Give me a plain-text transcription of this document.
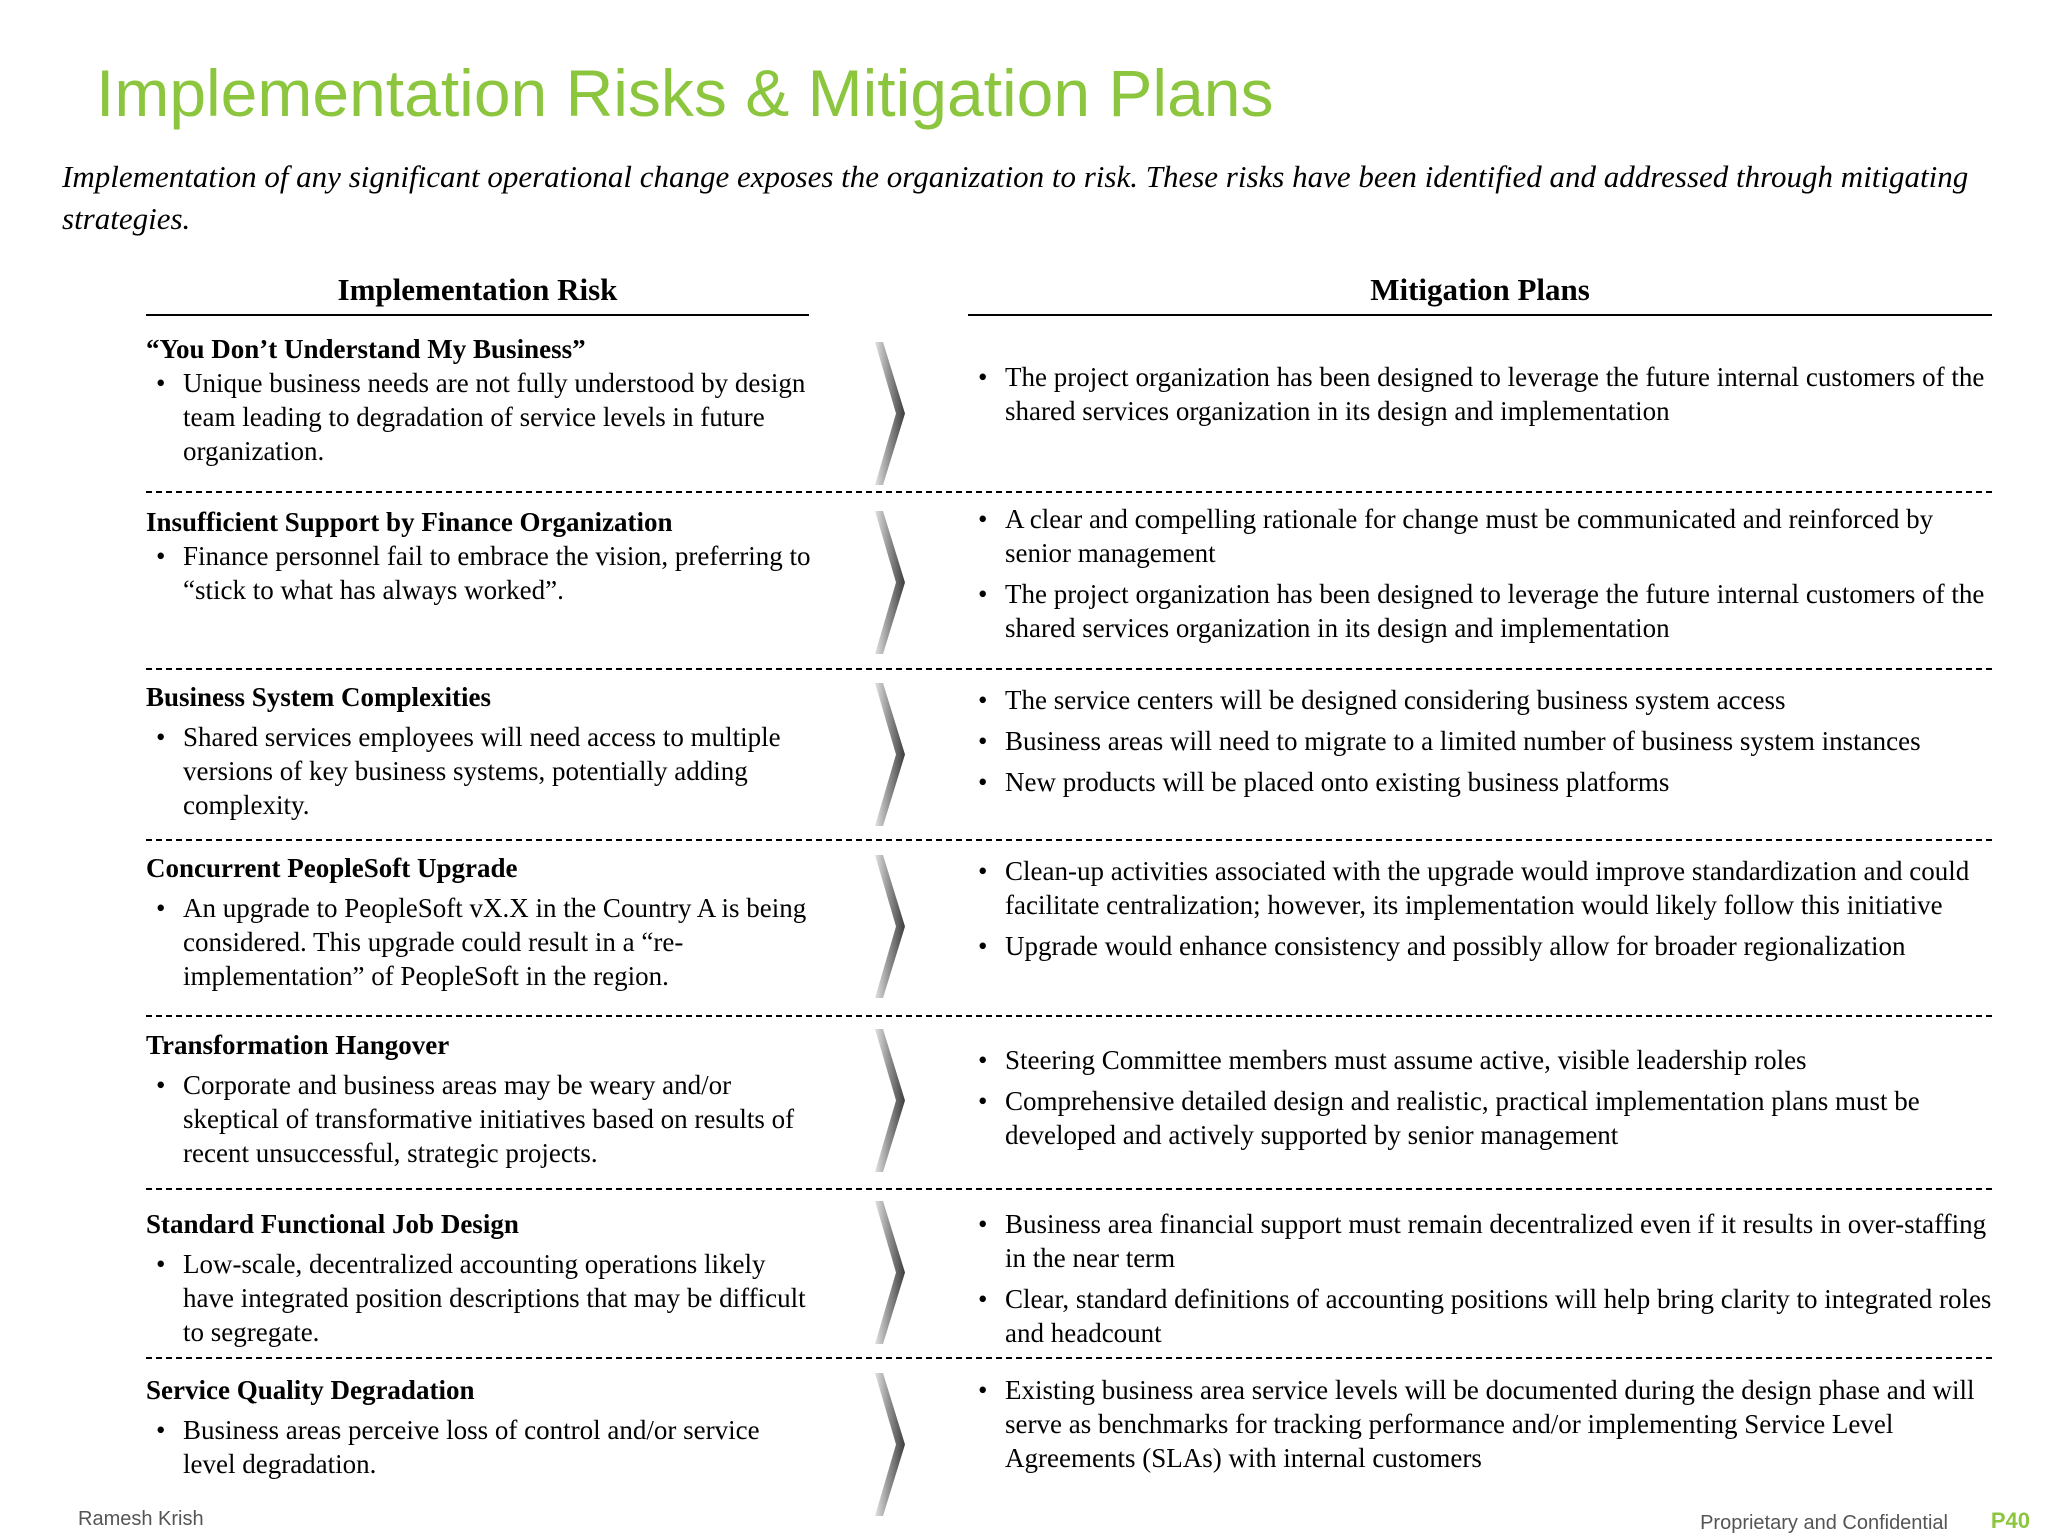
Implementation Risks & Mitigation Plans
Implementation of any significant operational change exposes the organization to risk. These risks have been identified and addressed through mitigating strategies.
Implementation Risk	Mitigation Plans
“You Don’t Understand My Business”
• Unique business needs are not fully understood by design team leading to degradation of service levels in future organization.
• The project organization has been designed to leverage the future internal customers of the shared services organization in its design and implementation
Insufficient Support by Finance Organization
• Finance personnel fail to embrace the vision, preferring to “stick to what has always worked”.
• A clear and compelling rationale for change must be communicated and reinforced by senior management
• The project organization has been designed to leverage the future internal customers of the shared services organization in its design and implementation
Business System Complexities
• Shared services employees will need access to multiple versions of key business systems, potentially adding complexity.
• The service centers will be designed considering business system access
• Business areas will need to migrate to a limited number of business system instances
• New products will be placed onto existing business platforms
Concurrent PeopleSoft Upgrade
• An upgrade to PeopleSoft vX.X in the Country A is being considered. This upgrade could result in a “re-implementation” of PeopleSoft in the region.
• Clean-up activities associated with the upgrade would improve standardization and could facilitate centralization; however, its implementation would likely follow this initiative
• Upgrade would enhance consistency and possibly allow for broader regionalization
Transformation Hangover
• Corporate and business areas may be weary and/or skeptical of transformative initiatives based on results of recent unsuccessful, strategic projects.
• Steering Committee members must assume active, visible leadership roles
• Comprehensive detailed design and realistic, practical implementation plans must be developed and actively supported by senior management
Standard Functional Job Design
• Low-scale, decentralized accounting operations likely have integrated position descriptions that may be difficult to segregate.
• Business area financial support must remain decentralized even if it results in over-staffing in the near term
• Clear, standard definitions of accounting positions will help bring clarity to integrated roles and headcount
Service Quality Degradation
• Business areas perceive loss of control and/or service level degradation.
• Existing business area service levels will be documented during the design phase and will serve as benchmarks for tracking performance and/or implementing Service Level Agreements (SLAs) with internal customers
Ramesh Krish	Proprietary and Confidential P40
